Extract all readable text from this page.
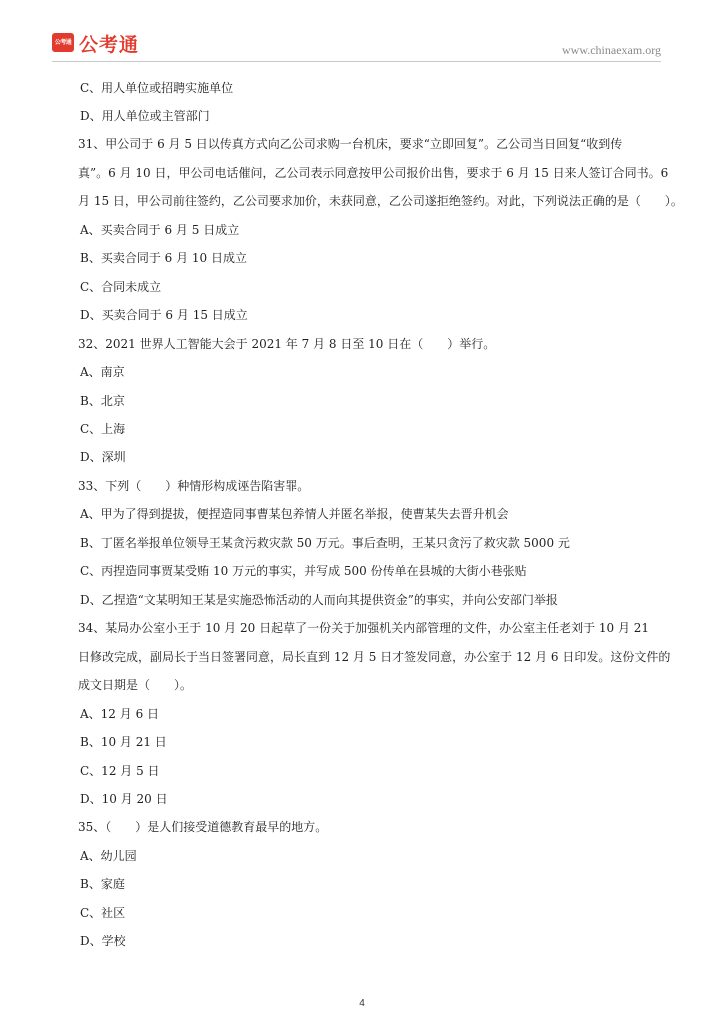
公考通 公考通	www.chinaexam.org
C、用人单位或招聘实施单位
D、用人单位或主管部门
31、甲公司于 6 月 5 日以传真方式向乙公司求购一台机床，要求“立即回复”。乙公司当日回复“收到传
真”。6 月 10 日，甲公司电话催问，乙公司表示同意按甲公司报价出售，要求于 6 月 15 日来人签订合同书。6
月 15 日，甲公司前往签约，乙公司要求加价，未获同意，乙公司遂拒绝签约。对此，下列说法正确的是（　　）。
A、买卖合同于 6 月 5 日成立
B、买卖合同于 6 月 10 日成立
C、合同未成立
D、买卖合同于 6 月 15 日成立
32、2021 世界人工智能大会于 2021 年 7 月 8 日至 10 日在（　　）举行。
A、南京
B、北京
C、上海
D、深圳
33、下列（　　）种情形构成诬告陷害罪。
A、甲为了得到提拔，便捏造同事曹某包养情人并匿名举报，使曹某失去晋升机会
B、丁匿名举报单位领导王某贪污救灾款 50 万元。事后查明，王某只贪污了救灾款 5000 元
C、丙捏造同事贾某受贿 10 万元的事实，并写成 500 份传单在县城的大街小巷张贴
D、乙捏造“文某明知王某是实施恐怖活动的人而向其提供资金”的事实，并向公安部门举报
34、某局办公室小王于 10 月 20 日起草了一份关于加强机关内部管理的文件，办公室主任老刘于 10 月 21
日修改完成，副局长于当日签署同意，局长直到 12 月 5 日才签发同意，办公室于 12 月 6 日印发。这份文件的
成文日期是（　　）。
A、12 月 6 日
B、10 月 21 日
C、12 月 5 日
D、10 月 20 日
35、（　　）是人们接受道德教育最早的地方。
A、幼儿园
B、家庭
C、社区
D、学校
4
